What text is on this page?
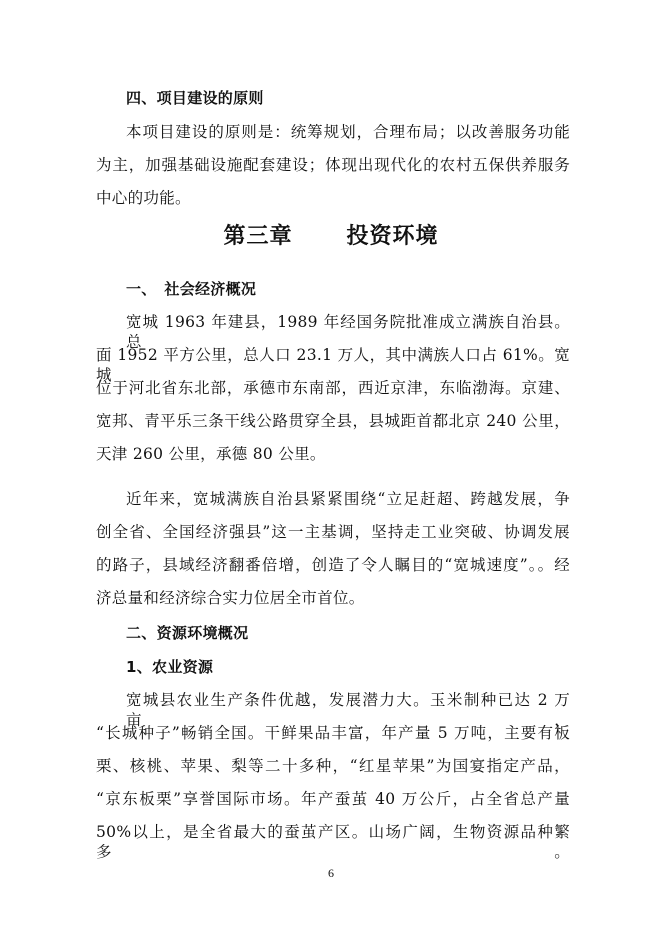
四、项目建设的原则
本项目建设的原则是：统筹规划，合理布局；以改善服务功能
为主，加强基础设施配套建设；体现出现代化的农村五保供养服务
中心的功能。
第三章 投资环境
一、　社会经济概况
宽城 1963 年建县，1989 年经国务院批准成立满族自治县。总
面 1952 平方公里，总人口 23.1 万人，其中满族人口占 61%。宽城
位于河北省东北部，承德市东南部，西近京津，东临渤海。京建、
宽邦、青平乐三条干线公路贯穿全县，县城距首都北京 240 公里，
天津 260 公里，承德 80 公里。
近年来，宽城满族自治县紧紧围绕“立足赶超、跨越发展，争
创全省、全国经济强县”这一主基调，坚持走工业突破、协调发展
的路子，县域经济翻番倍增，创造了令人瞩目的“宽城速度”。。经
济总量和经济综合实力位居全市首位。
二、资源环境概况
1、农业资源
宽城县农业生产条件优越，发展潜力大。玉米制种已达 2 万亩，
“长城种子”畅销全国。干鲜果品丰富，年产量 5 万吨，主要有板
栗、核桃、苹果、梨等二十多种，“红星苹果”为国宴指定产品，
“京东板栗”享誉国际市场。年产蚕茧 40 万公斤，占全省总产量
50%以上，是全省最大的蚕茧产区。山场广阔，生物资源品种繁多。
6
